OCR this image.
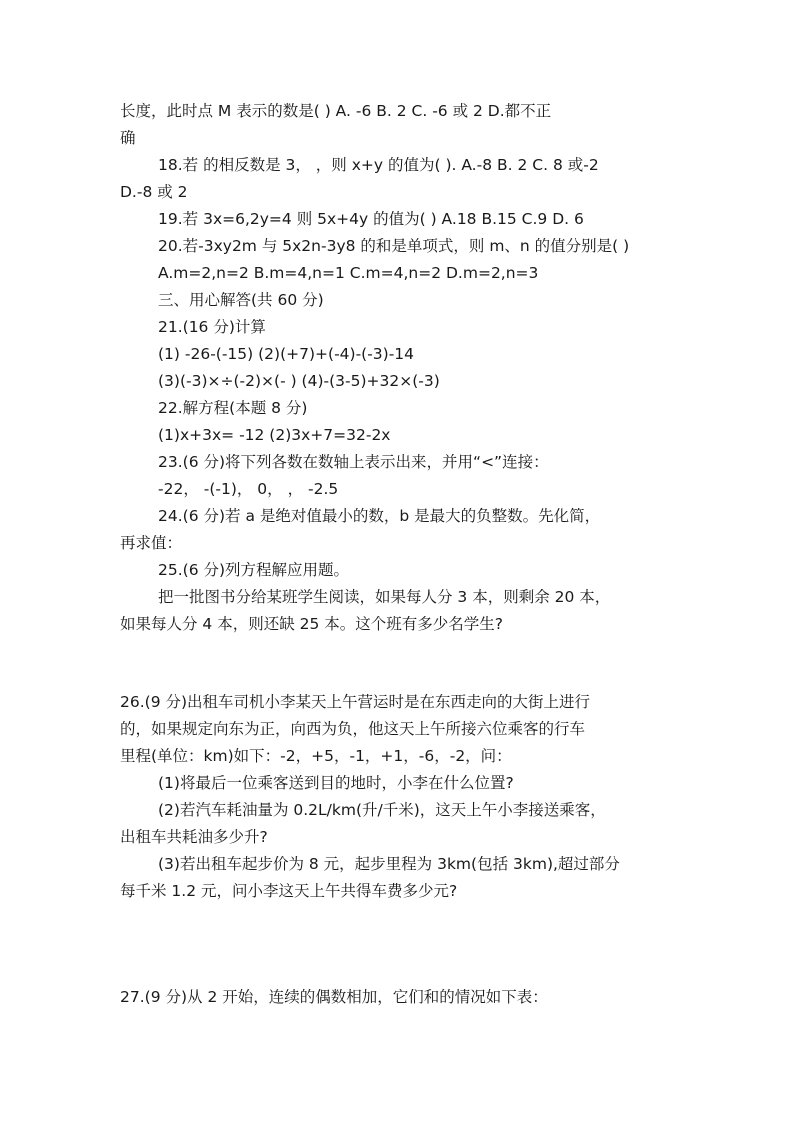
长度，此时点 M 表示的数是( ) A. -6 B. 2 C. -6 或 2 D.都不正
确
18.若 的相反数是 3， ，则 x+y 的值为( ). A.-8 B. 2 C. 8 或-2
D.-8 或 2
19.若 3x=6,2y=4 则 5x+4y 的值为( ) A.18 B.15 C.9 D. 6
20.若-3xy2m 与 5x2n-3y8 的和是单项式，则 m、n 的值分别是( )
A.m=2,n=2 B.m=4,n=1 C.m=4,n=2 D.m=2,n=3
三、用心解答(共 60 分)
21.(16 分)计算
(1) -26-(-15) (2)(+7)+(-4)-(-3)-14
(3)(-3)×÷(-2)×(- ) (4)-(3-5)+32×(-3)
22.解方程(本题 8 分)
(1)x+3x= -12 (2)3x+7=32-2x
23.(6 分)将下列各数在数轴上表示出来，并用“<”连接：
-22， -(-1)， 0， ， -2.5
24.(6 分)若 a 是绝对值最小的数，b 是最大的负整数。先化简，
再求值：
25.(6 分)列方程解应用题。
把一批图书分给某班学生阅读，如果每人分 3 本，则剩余 20 本，
如果每人分 4 本，则还缺 25 本。这个班有多少名学生?
26.(9 分)出租车司机小李某天上午营运时是在东西走向的大街上进行
的，如果规定向东为正，向西为负，他这天上午所接六位乘客的行车
里程(单位：km)如下：-2，+5，-1，+1，-6，-2，问：
(1)将最后一位乘客送到目的地时，小李在什么位置?
(2)若汽车耗油量为 0.2L/km(升/千米)，这天上午小李接送乘客，
出租车共耗油多少升?
(3)若出租车起步价为 8 元，起步里程为 3km(包括 3km),超过部分
每千米 1.2 元，问小李这天上午共得车费多少元?
27.(9 分)从 2 开始，连续的偶数相加，它们和的情况如下表：
